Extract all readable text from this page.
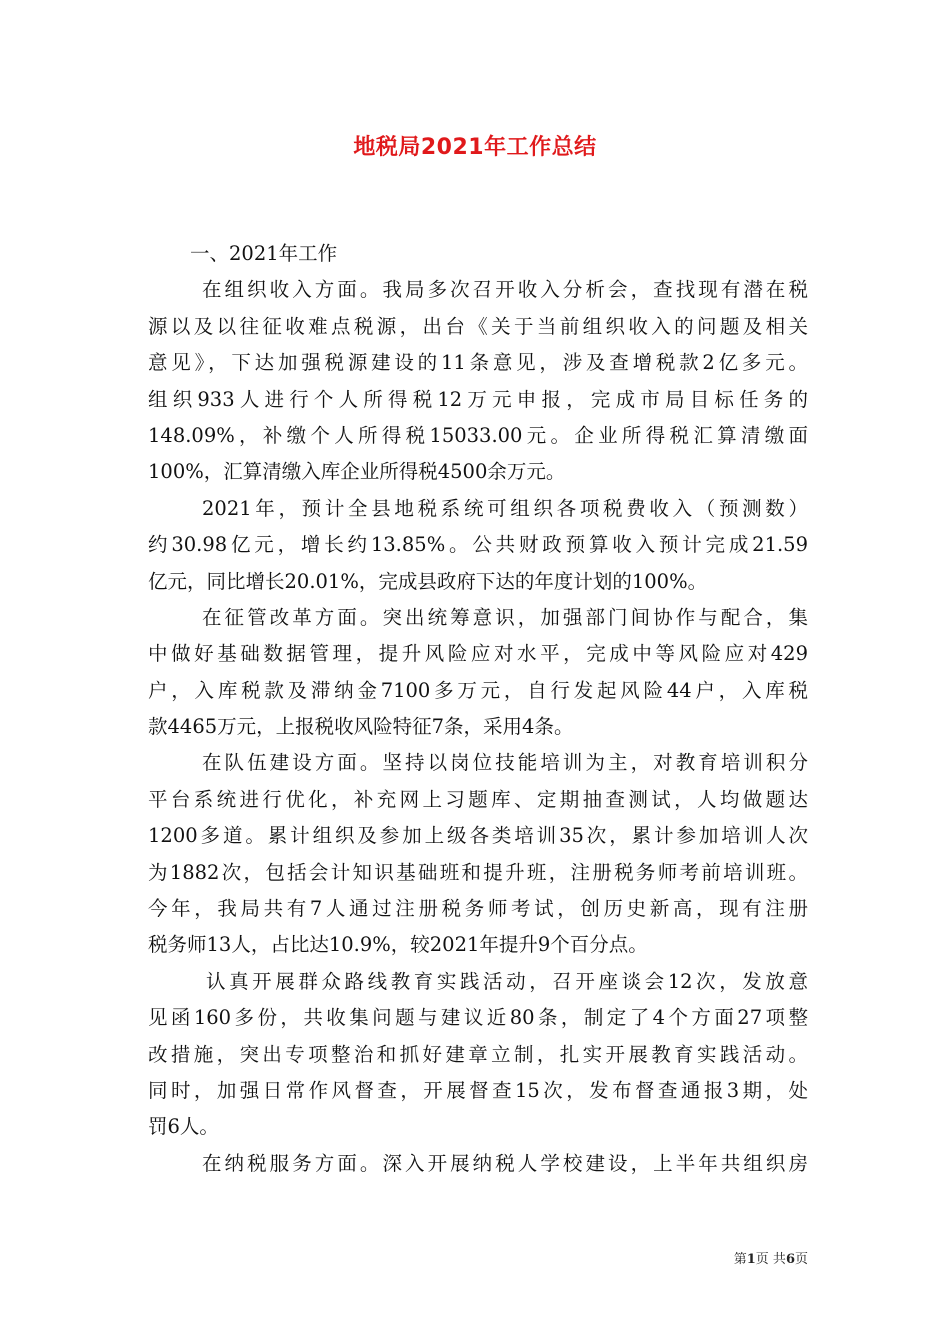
地税局2021年工作总结
一、2021年工作
在组织收入方面。我局多次召开收入分析会，查找现有潜在税
源以及以往征收难点税源，出台《关于当前组织收入的问题及相关
意见》，下达加强税源建设的11条意见，涉及查增税款2亿多元。
组织933人进行个人所得税12万元申报，完成市局目标任务的
148.09%，补缴个人所得税15033.00元。企业所得税汇算清缴面
100%，汇算清缴入库企业所得税4500余万元。
2021年，预计全县地税系统可组织各项税费收入（预测数）
约30.98亿元，增长约13.85%。公共财政预算收入预计完成21.59
亿元，同比增长20.01%，完成县政府下达的年度计划的100%。
在征管改革方面。突出统筹意识，加强部门间协作与配合，集
中做好基础数据管理，提升风险应对水平，完成中等风险应对429
户，入库税款及滞纳金7100多万元，自行发起风险44户，入库税
款4465万元，上报税收风险特征7条，采用4条。
在队伍建设方面。坚持以岗位技能培训为主，对教育培训积分
平台系统进行优化，补充网上习题库、定期抽查测试，人均做题达
1200多道。累计组织及参加上级各类培训35次，累计参加培训人次
为1882次，包括会计知识基础班和提升班，注册税务师考前培训班。
今年，我局共有7人通过注册税务师考试，创历史新高，现有注册
税务师13人，占比达10.9%，较2021年提升9个百分点。
认真开展群众路线教育实践活动，召开座谈会12次，发放意
见函160多份，共收集问题与建议近80条，制定了4个方面27项整
改措施，突出专项整治和抓好建章立制，扎实开展教育实践活动。
同时，加强日常作风督查，开展督查15次，发布督查通报3期，处
罚6人。
在纳税服务方面。深入开展纳税人学校建设，上半年共组织房
第1页 共6页
